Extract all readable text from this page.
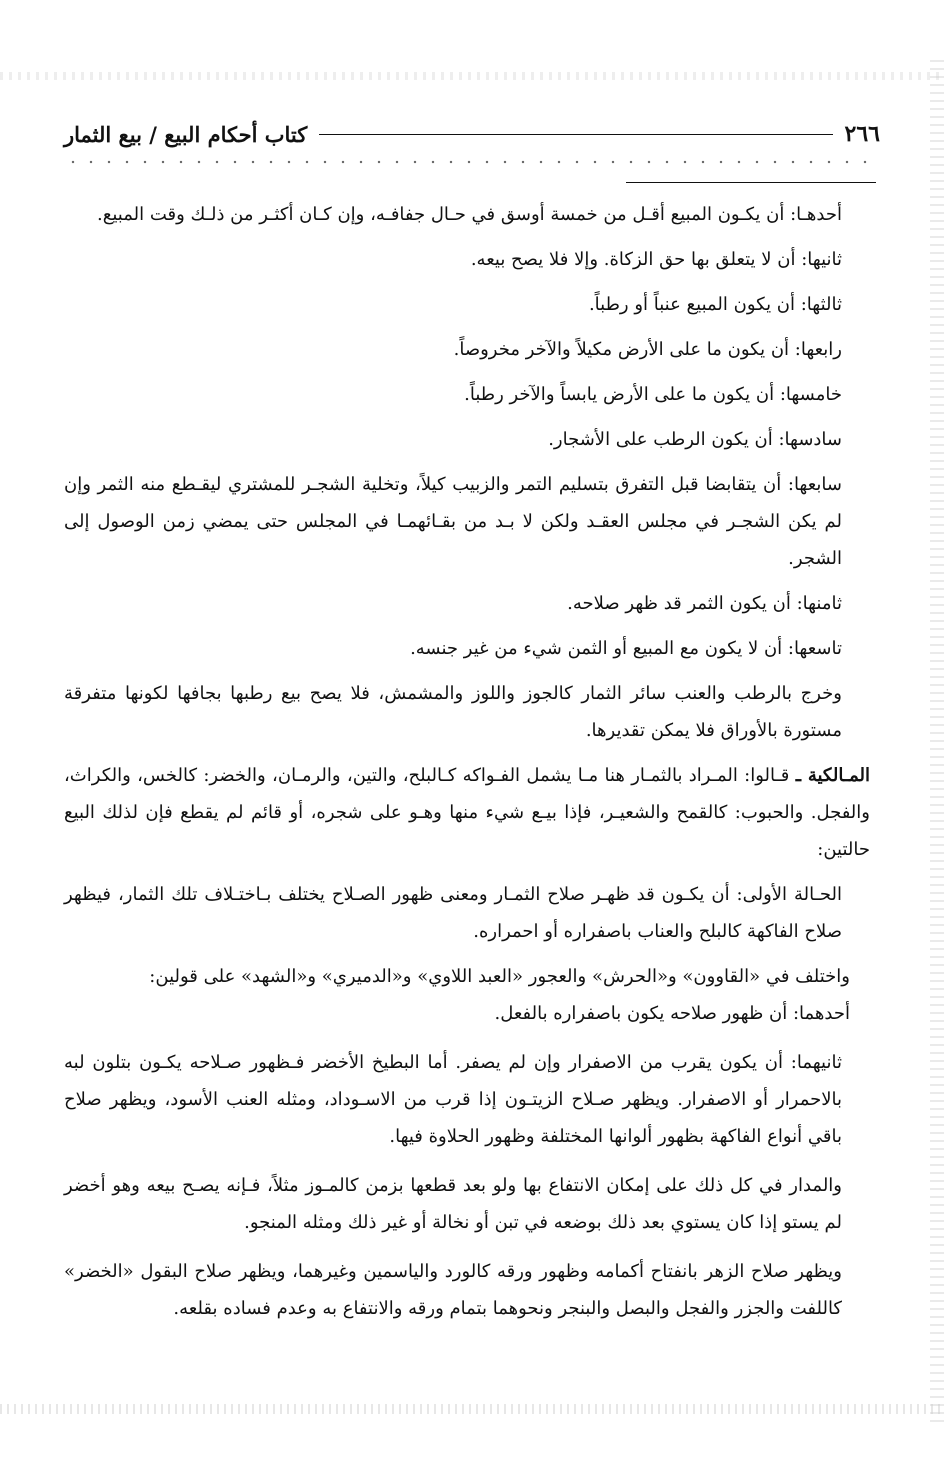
٢٦٦
كتاب أحكام البيع / بيع الثمار

أحدهـا: أن يكـون المبيع أقـل من خمسة أوسق في حـال جفافـه، وإن كـان أكثـر من ذلـك وقت المبيع.

ثانيها: أن لا يتعلق بها حق الزكاة. وإلا فلا يصح بيعه.

ثالثها: أن يكون المبيع عنباً أو رطباً.

رابعها: أن يكون ما على الأرض مكيلاً والآخر مخروصاً.

خامسها: أن يكون ما على الأرض يابساً والآخر رطباً.

سادسها: أن يكون الرطب على الأشجار.

سابعها: أن يتقابضا قبل التفرق بتسليم التمر والزبيب كيلاً، وتخلية الشجـر للمشتري ليقـطع منه الثمر وإن لم يكن الشجـر في مجلس العقـد ولكن لا بـد من بقـائهمـا في المجلس حتى يمضي زمن الوصول إلى الشجر.

ثامنها: أن يكون الثمر قد ظهر صلاحه.

تاسعها: أن لا يكون مع المبيع أو الثمن شيء من غير جنسه.

وخرج بالرطب والعنب سائر الثمار كالجوز واللوز والمشمش، فلا يصح بيع رطبها بجافها لكونها متفرقة مستورة بالأوراق فلا يمكن تقديرها.

المـالكية ـ قـالوا: المـراد بالثمـار هنا مـا يشمل الفـواكه كـالبلح، والتين، والرمـان، والخضر: كالخس، والكراث، والفجل. والحبوب: كالقمح والشعيـر، فإذا بيـع شيء منها وهـو على شجره، أو قائم لم يقطع فإن لذلك البيع حالتين:

الحـالة الأولى: أن يكـون قد ظهـر صلاح الثمـار ومعنى ظهور الصـلاح يختلف بـاختـلاف تلك الثمار، فيظهر صلاح الفاكهة كالبلح والعناب باصفراره أو احمراره.

واختلف في «القاوون» و«الحرش» والعجور «العبد اللاوي» و«الدميري» و«الشهد» على قولين:

أحدهما: أن ظهور صلاحه يكون باصفراره بالفعل.

ثانيهما: أن يكون يقرب من الاصفرار وإن لم يصفر. أما البطيخ الأخضر فـظهور صـلاحه يكـون بتلون لبه بالاحمرار أو الاصفرار. ويظهر صـلاح الزيتـون إذا قرب من الاسـوداد، ومثله العنب الأسود، ويظهر صلاح باقي أنواع الفاكهة بظهور ألوانها المختلفة وظهور الحلاوة فيها.

والمدار في كل ذلك على إمكان الانتفاع بها ولو بعد قطعها بزمن كالمـوز مثلاً، فـإنه يصـح بيعه وهو أخضر لم يستو إذا كان يستوي بعد ذلك بوضعه في تبن أو نخالة أو غير ذلك ومثله المنجو.

ويظهر صلاح الزهر بانفتاح أكمامه وظهور ورقه كالورد والياسمين وغيرهما، ويظهر صلاح البقول «الخضر» كاللفت والجزر والفجل والبصل والبنجر ونحوهما بتمام ورقه والانتفاع به وعدم فساده بقلعه.
